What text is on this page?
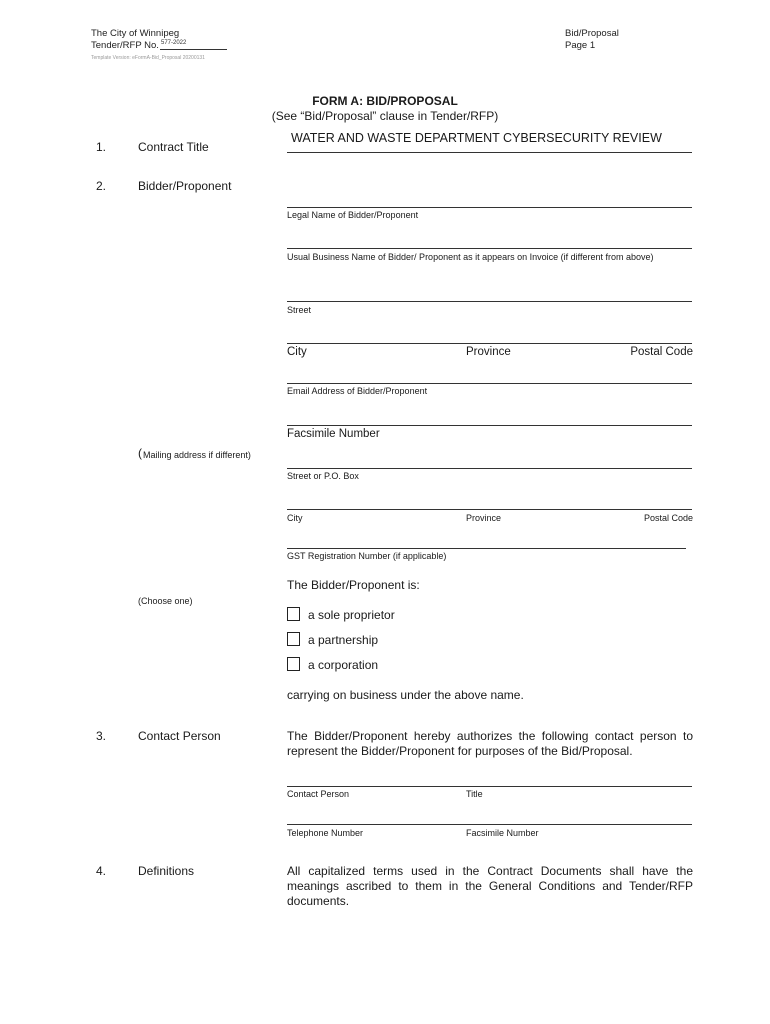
The City of Winnipeg
Tender/RFP No. 577-2022
Template Version: eFormA-Bid_Proposal 20200131
Bid/Proposal
Page 1
FORM A: BID/PROPOSAL
(See “Bid/Proposal” clause in Tender/RFP)
1.	Contract Title
WATER AND WASTE DEPARTMENT CYBERSECURITY REVIEW
2.	Bidder/Proponent
Legal Name of Bidder/Proponent
Usual Business Name of Bidder/ Proponent as it appears on Invoice (if different from above)
Street
City	Province	Postal Code
Email Address of Bidder/Proponent
Facsimile Number
( Mailing address if different)
Street or P.O. Box
City	Province	Postal Code
GST Registration Number (if applicable)
The Bidder/Proponent is:
(Choose one)
a sole proprietor
a partnership
a corporation
carrying on business under the above name.
3.	Contact Person	The Bidder/Proponent hereby authorizes the following contact person to represent the Bidder/Proponent for purposes of the Bid/Proposal.
Contact Person	Title
Telephone Number	Facsimile Number
4.	Definitions	All capitalized terms used in the Contract Documents shall have the meanings ascribed to them in the General Conditions and Tender/RFP documents.
